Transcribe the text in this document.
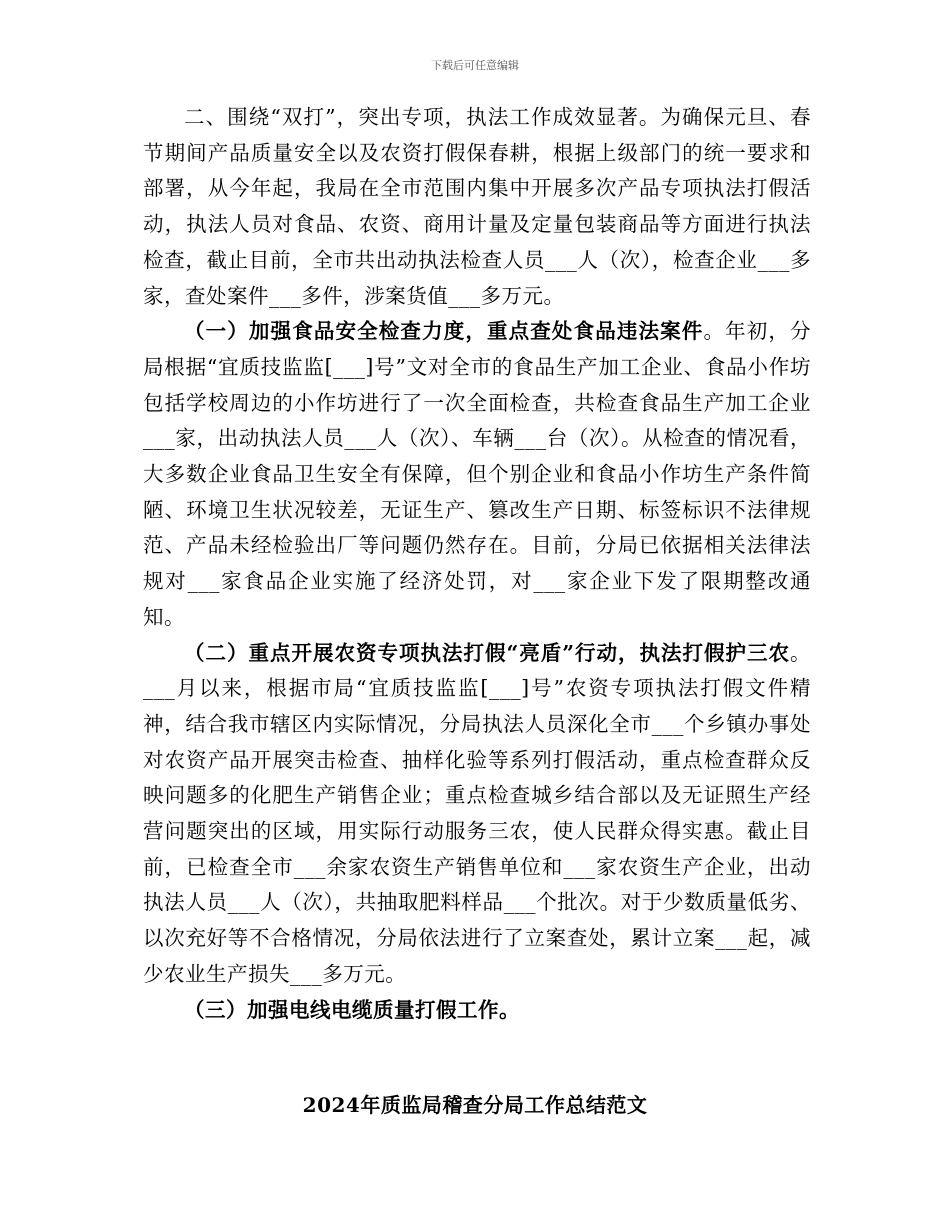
下载后可任意编辑

二、围绕“双打”，突出专项，执法工作成效显著。为确保元旦、春节期间产品质量安全以及农资打假保春耕，根据上级部门的统一要求和部署，从今年起，我局在全市范围内集中开展多次产品专项执法打假活动，执法人员对食品、农资、商用计量及定量包装商品等方面进行执法检查，截止目前，全市共出动执法检查人员___人（次），检查企业___多家，查处案件___多件，涉案货值___多万元。

（一）加强食品安全检查力度，重点查处食品违法案件。年初，分局根据“宜质技监监[___]号”文对全市的食品生产加工企业、食品小作坊包括学校周边的小作坊进行了一次全面检查，共检查食品生产加工企业___家，出动执法人员___人（次）、车辆___台（次）。从检查的情况看，大多数企业食品卫生安全有保障，但个别企业和食品小作坊生产条件简陋、环境卫生状况较差，无证生产、篡改生产日期、标签标识不法律规范、产品未经检验出厂等问题仍然存在。目前，分局已依据相关法律法规对___家食品企业实施了经济处罚，对___家企业下发了限期整改通知。

（二）重点开展农资专项执法打假“亮盾”行动，执法打假护三农。___月以来，根据市局“宜质技监监[___]号”农资专项执法打假文件精神，结合我市辖区内实际情况，分局执法人员深化全市___个乡镇办事处对农资产品开展突击检查、抽样化验等系列打假活动，重点检查群众反映问题多的化肥生产销售企业；重点检查城乡结合部以及无证照生产经营问题突出的区域，用实际行动服务三农，使人民群众得实惠。截止目前，已检查全市___余家农资生产销售单位和___家农资生产企业，出动执法人员___人（次），共抽取肥料样品___个批次。对于少数质量低劣、以次充好等不合格情况，分局依法进行了立案查处，累计立案___起，减少农业生产损失___多万元。

（三）加强电线电缆质量打假工作。

2024年质监局稽查分局工作总结范文
